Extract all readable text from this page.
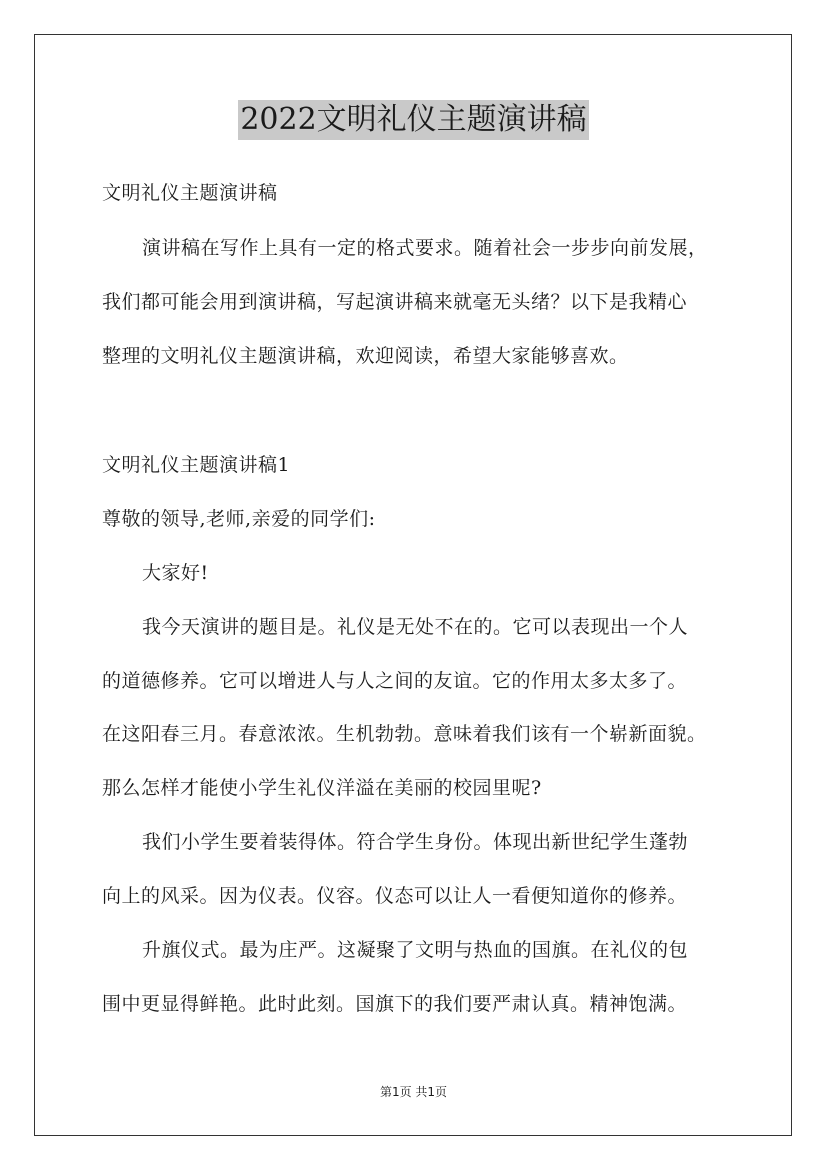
2022文明礼仪主题演讲稿
文明礼仪主题演讲稿
演讲稿在写作上具有一定的格式要求。随着社会一步步向前发展，
我们都可能会用到演讲稿，写起演讲稿来就毫无头绪？以下是我精心
整理的文明礼仪主题演讲稿，欢迎阅读，希望大家能够喜欢。
文明礼仪主题演讲稿1
尊敬的领导,老师,亲爱的同学们:
大家好!
我今天演讲的题目是。礼仪是无处不在的。它可以表现出一个人
的道德修养。它可以增进人与人之间的友谊。它的作用太多太多了。
在这阳春三月。春意浓浓。生机勃勃。意味着我们该有一个崭新面貌。
那么怎样才能使小学生礼仪洋溢在美丽的校园里呢?
我们小学生要着装得体。符合学生身份。体现出新世纪学生蓬勃
向上的风采。因为仪表。仪容。仪态可以让人一看便知道你的修养。
升旗仪式。最为庄严。这凝聚了文明与热血的国旗。在礼仪的包
围中更显得鲜艳。此时此刻。国旗下的我们要严肃认真。精神饱满。
第1页 共1页
